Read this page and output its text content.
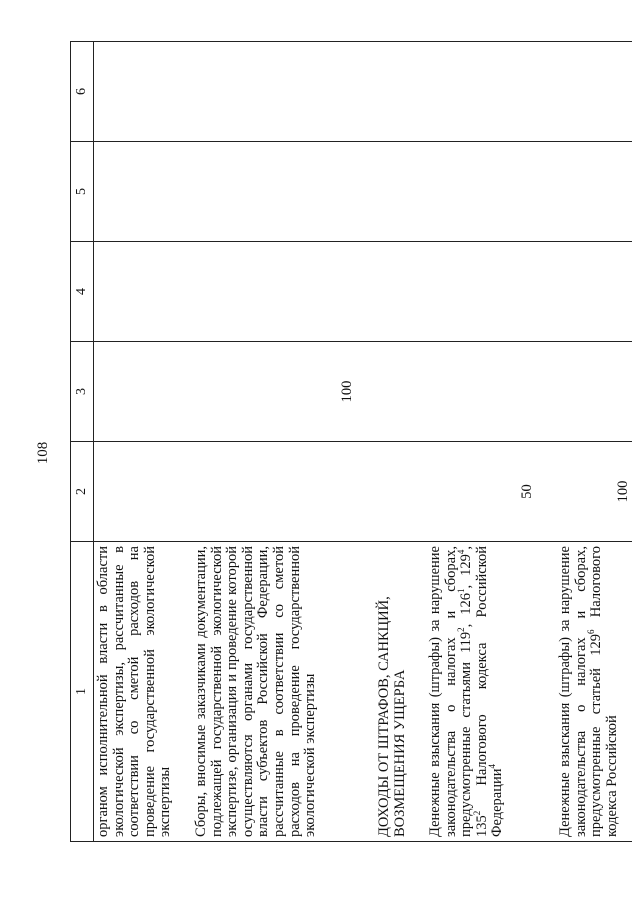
1	2	3	4	5	6

органом исполнительной власти в области экологической экспертизы, рассчитанные в соответствии со сметой расходов на проведение государственной экологической экспертизы					

Сборы, вносимые заказчиками документации, подлежащей государственной экологической экспертизе, организация и проведение которой осуществляются органами государственной власти субъектов Российской Федерации, рассчитанные в соответствии со сметой расходов на проведение государственной экологической экспертизы		100			

ДОХОДЫ ОТ ШТРАФОВ, САНКЦИЙ, ВОЗМЕЩЕНИЯ УЩЕРБА					

Денежные взыскания (штрафы) за нарушение законодательства о налогах и сборах, предусмотренные статьями $119^2$, $126^1$, $129^4$, $135^2$ Налогового кодекса Российской Федерации$^4$	50				

Денежные взыскания (штрафы) за нарушение законодательства о налогах и сборах, предусмотренные статьей $129^6$ Налогового кодекса Российской	100				

108
